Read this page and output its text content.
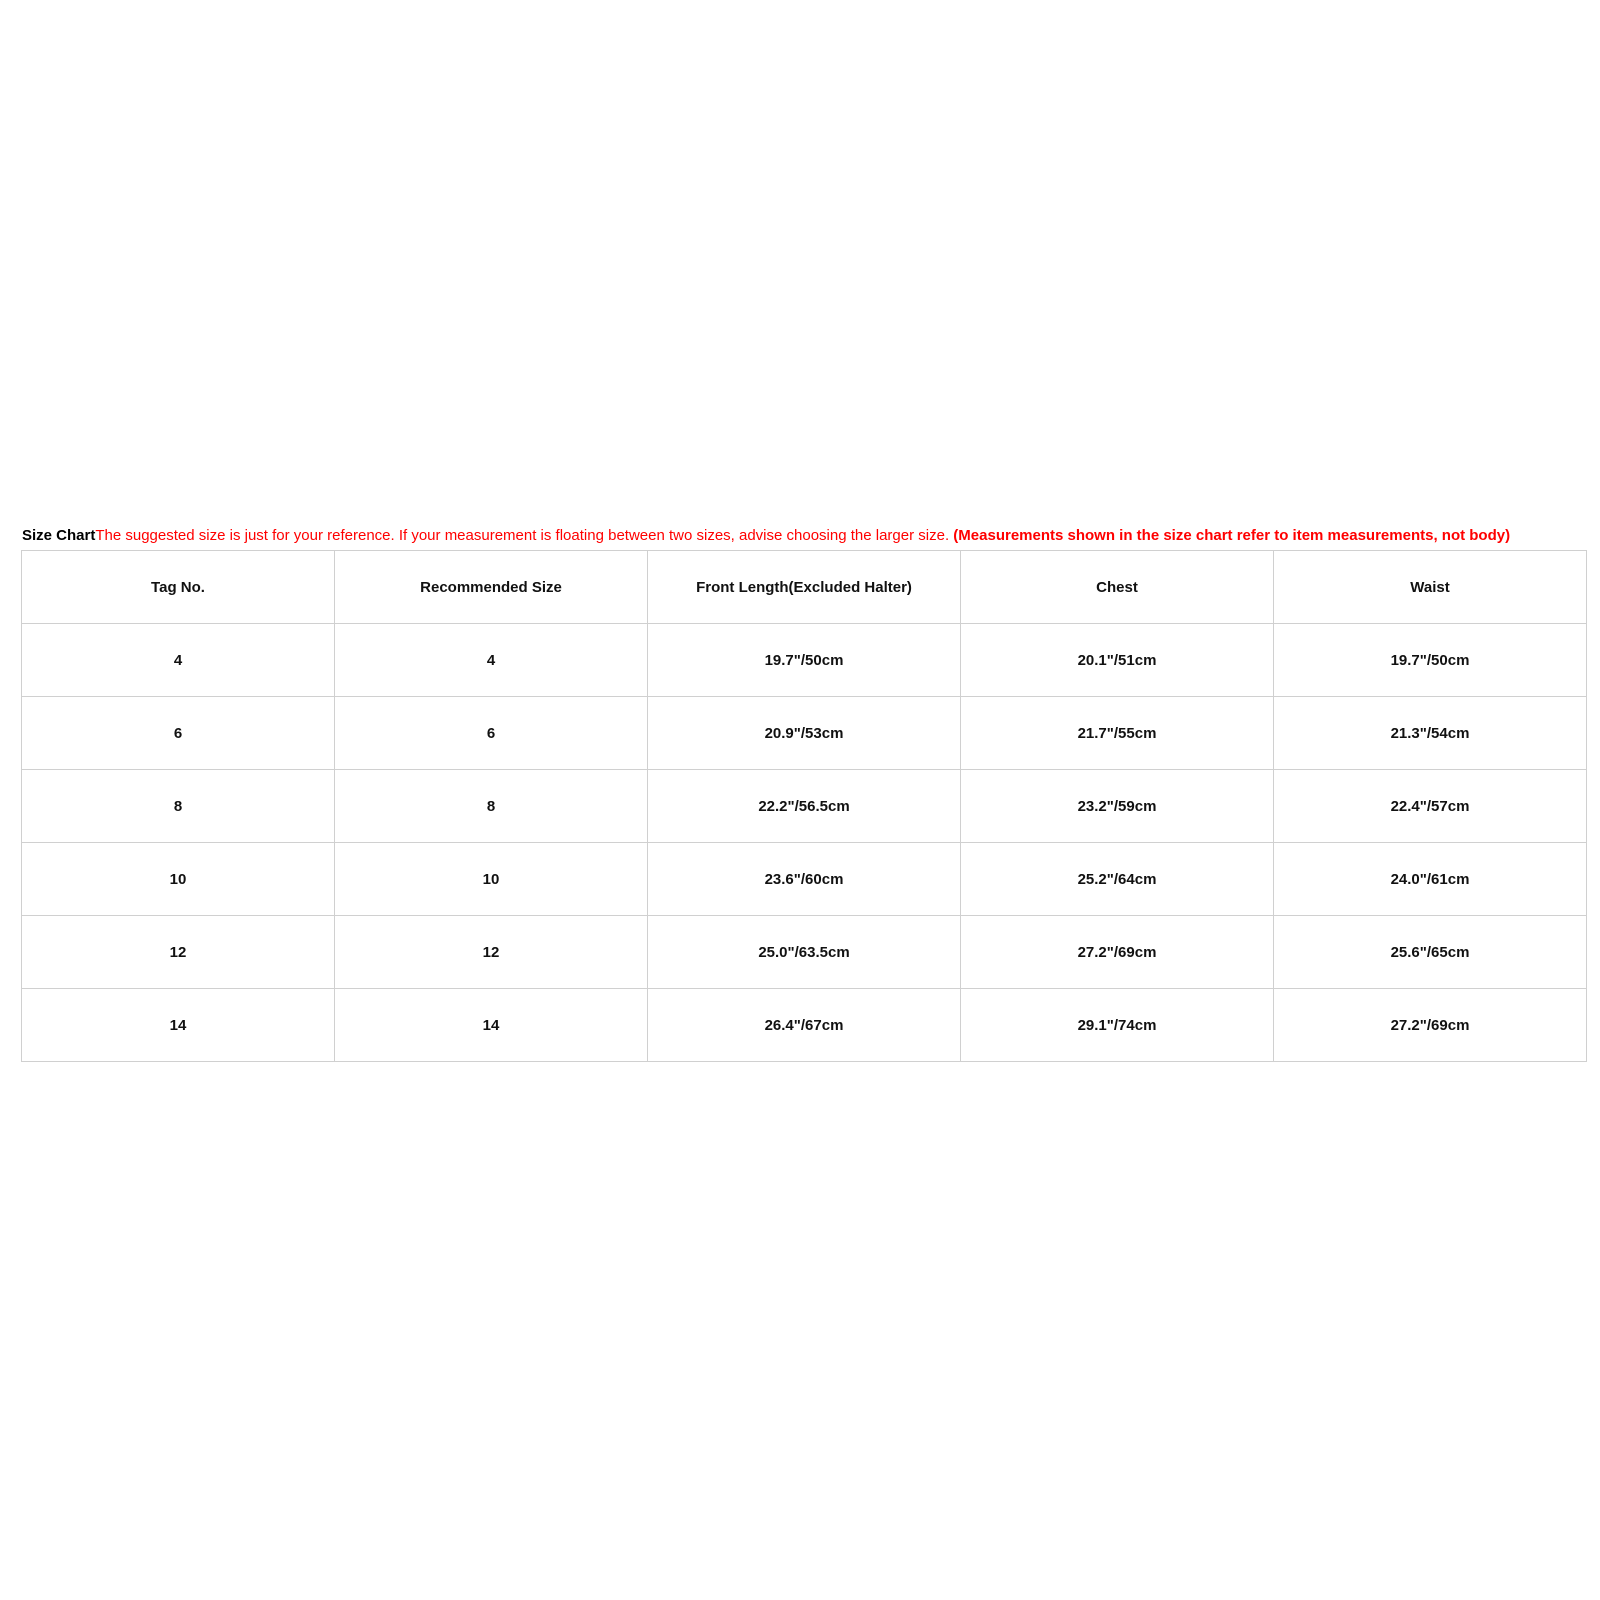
Size ChartThe suggested size is just for your reference. If your measurement is floating between two sizes, advise choosing the larger size. (Measurements shown in the size chart refer to item measurements, not body)
Tag No.	Recommended Size	Front Length(Excluded Halter)	Chest	Waist
4	4	19.7"/50cm	20.1"/51cm	19.7"/50cm
6	6	20.9"/53cm	21.7"/55cm	21.3"/54cm
8	8	22.2"/56.5cm	23.2"/59cm	22.4"/57cm
10	10	23.6"/60cm	25.2"/64cm	24.0"/61cm
12	12	25.0"/63.5cm	27.2"/69cm	25.6"/65cm
14	14	26.4"/67cm	29.1"/74cm	27.2"/69cm
